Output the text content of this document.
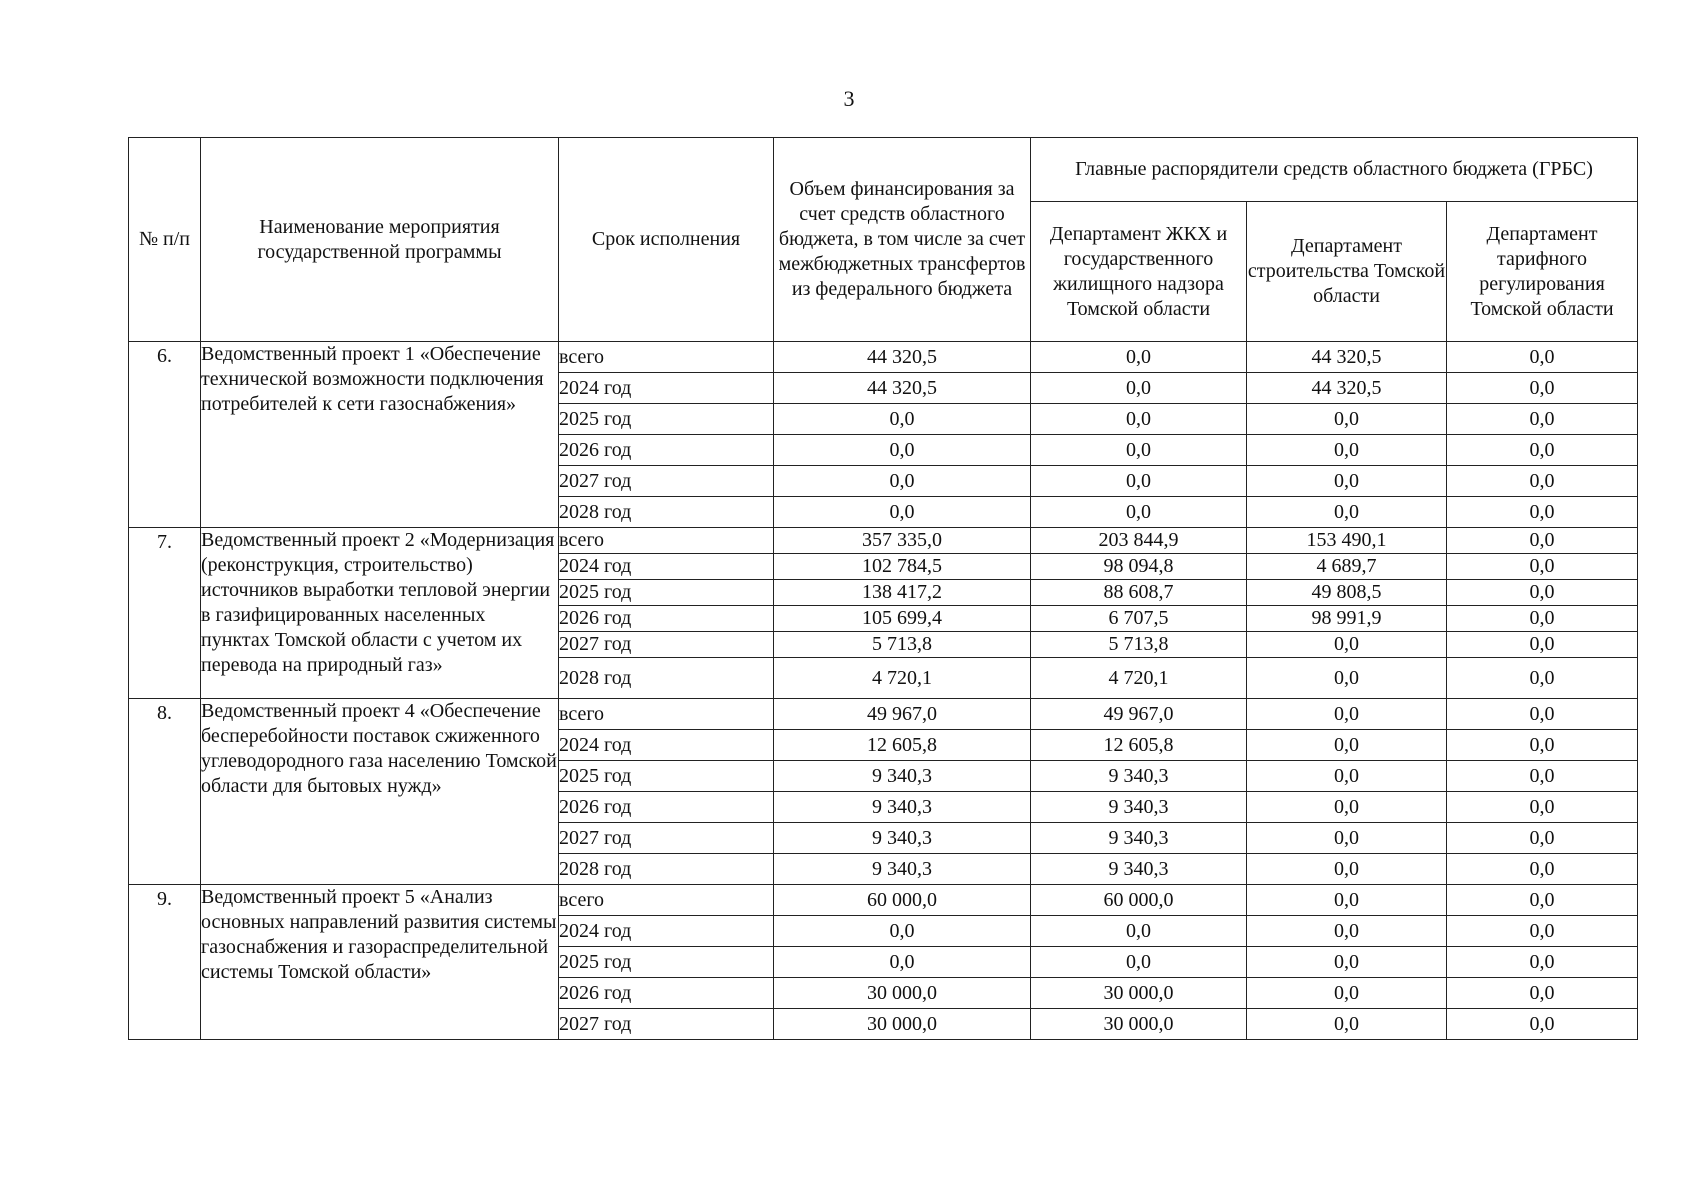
3
№ п/п	Наименование мероприятия государственной программы	Срок исполнения	Объем финансирования за счет средств областного бюджета, в том числе за счет межбюджетных трансфертов из федерального бюджета	Главные распорядители средств областного бюджета (ГРБС)		
				Департамент ЖКХ и государственного жилищного надзора Томской области	Департамент строительства Томской области	Департамент тарифного регулирования Томской области

6.	Ведомственный проект 1 «Обеспечение технической возможности подключения потребителей к сети газоснабжения»	всего	44 320,5	0,0	44 320,5	0,0
		2024 год	44 320,5	0,0	44 320,5	0,0
		2025 год	0,0	0,0	0,0	0,0
		2026 год	0,0	0,0	0,0	0,0
		2027 год	0,0	0,0	0,0	0,0
		2028 год	0,0	0,0	0,0	0,0

7.	Ведомственный проект 2 «Модернизация (реконструкция, строительство) источников выработки тепловой энергии в газифицированных населенных пунктах Томской области с учетом их перевода на природный газ»	всего	357 335,0	203 844,9	153 490,1	0,0
		2024 год	102 784,5	98 094,8	4 689,7	0,0
		2025 год	138 417,2	88 608,7	49 808,5	0,0
		2026 год	105 699,4	6 707,5	98 991,9	0,0
		2027 год	5 713,8	5 713,8	0,0	0,0
		2028 год	4 720,1	4 720,1	0,0	0,0

8.	Ведомственный проект 4 «Обеспечение бесперебойности поставок сжиженного углеводородного газа населению Томской области для бытовых нужд»	всего	49 967,0	49 967,0	0,0	0,0
		2024 год	12 605,8	12 605,8	0,0	0,0
		2025 год	9 340,3	9 340,3	0,0	0,0
		2026 год	9 340,3	9 340,3	0,0	0,0
		2027 год	9 340,3	9 340,3	0,0	0,0
		2028 год	9 340,3	9 340,3	0,0	0,0

9.	Ведомственный проект 5 «Анализ основных направлений развития системы газоснабжения и газораспределительной системы Томской области»	всего	60 000,0	60 000,0	0,0	0,0
		2024 год	0,0	0,0	0,0	0,0
		2025 год	0,0	0,0	0,0	0,0
		2026 год	30 000,0	30 000,0	0,0	0,0
		2027 год	30 000,0	30 000,0	0,0	0,0
